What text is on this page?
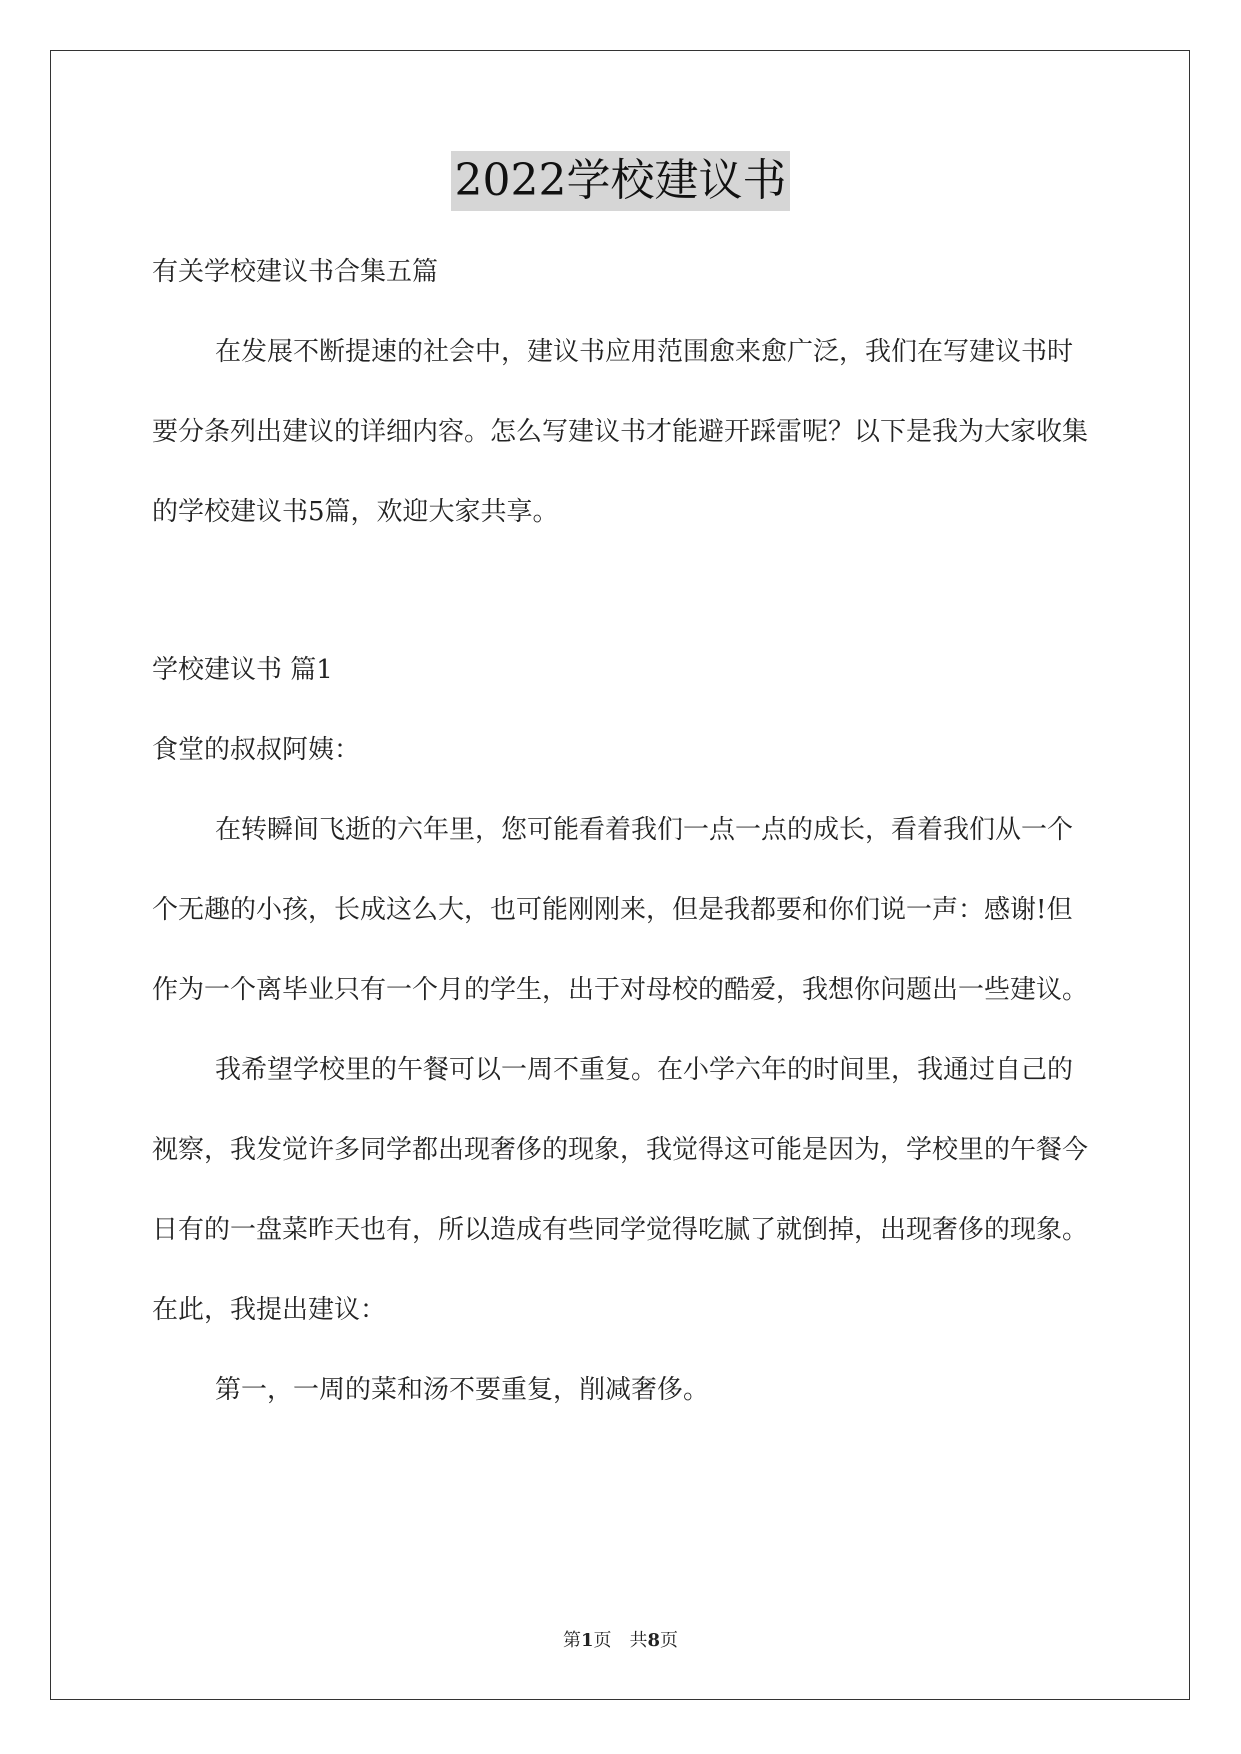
2022学校建议书

有关学校建议书合集五篇

在发展不断提速的社会中，建议书应用范围愈来愈广泛，我们在写建议书时要分条列出建议的详细内容。怎么写建议书才能避开踩雷呢？以下是我为大家收集的学校建议书5篇，欢迎大家共享。

学校建议书 篇1

食堂的叔叔阿姨：

在转瞬间飞逝的六年里，您可能看着我们一点一点的成长，看着我们从一个个无趣的小孩，长成这么大，也可能刚刚来，但是我都要和你们说一声：感谢!但作为一个离毕业只有一个月的学生，出于对母校的酷爱，我想你问题出一些建议。

我希望学校里的午餐可以一周不重复。在小学六年的时间里，我通过自己的视察，我发觉许多同学都出现奢侈的现象，我觉得这可能是因为，学校里的午餐今日有的一盘菜昨天也有，所以造成有些同学觉得吃腻了就倒掉，出现奢侈的现象。在此，我提出建议：

第一，一周的菜和汤不要重复，削减奢侈。

第1页　共8页
